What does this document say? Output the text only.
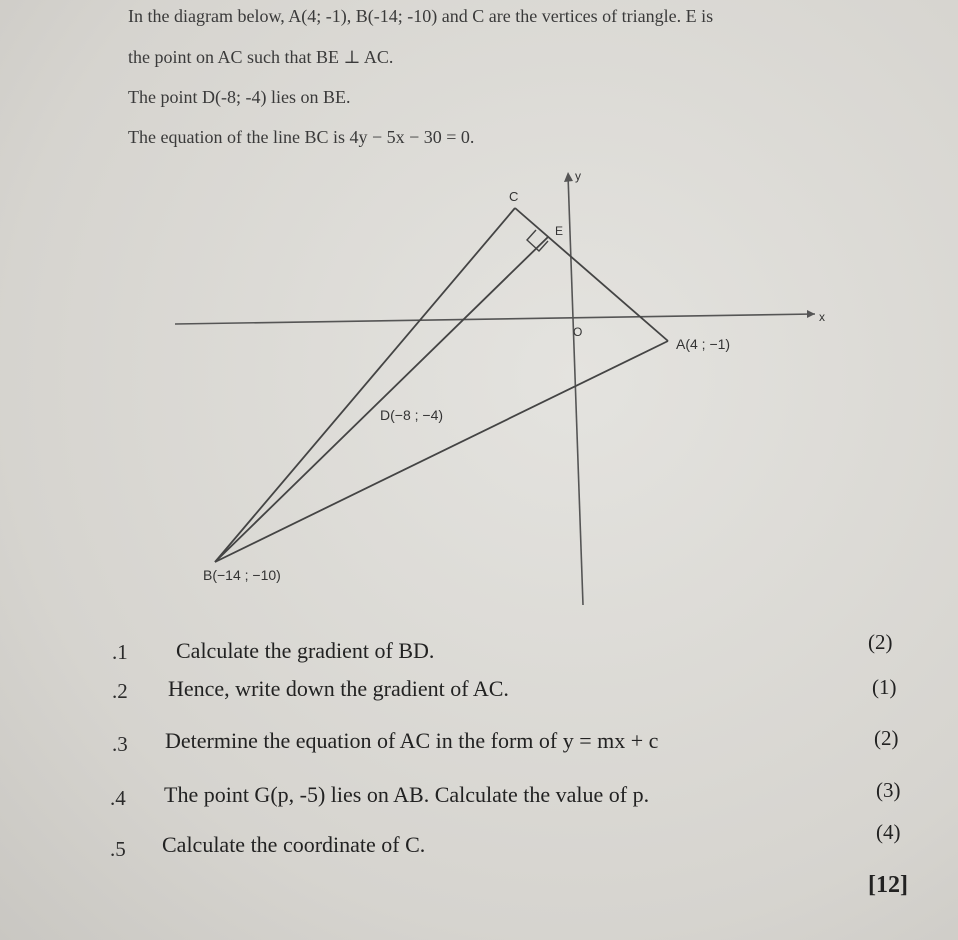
In the diagram below, A(4; -1), B(-14; -10) and C are the vertices of triangle. E is
the point on AC such that BE ⊥ AC.
The point D(-8; -4) lies on BE.
The equation of the line BC is 4y − 5x − 30 = 0.
x
y
O
C
E
A(4 ; −1)
D(−8 ; −4)
B(−14 ; −10)
.1 Calculate the gradient of BD.	(2)
.2 Hence, write down the gradient of AC.	(1)
.3 Determine the equation of AC in the form of y = mx + c	(2)
.4 The point G(p, -5) lies on AB. Calculate the value of p.	(3)
.5 Calculate the coordinate of C.	(4)
[12]
